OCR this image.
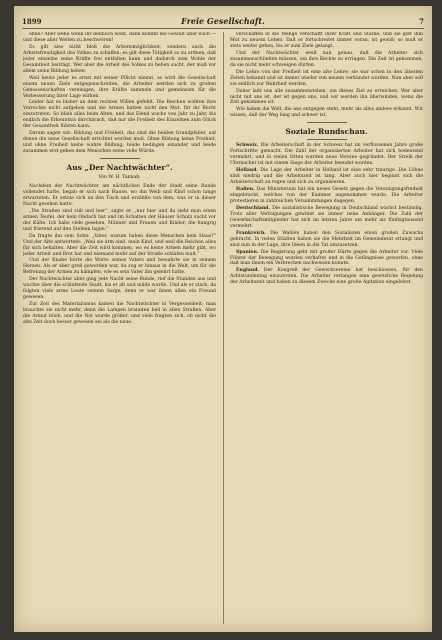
1899	Freie Gesellschaft.	7

ohne? Aber wehe wenn ihr dennoch wollt, dann kommt die Gewalt über euch — und diese aller Welten zu beschwören!

Es gilt also nicht bloß die Arbeitsmöglichkeit, sondern auch die Arbeitsfreudigkeit des Volkes zu schaffen; es gilt diese Tätigkeit so zu ordnen, daß jeder einzelne seine Kräfte frei entfalten kann und dadurch zum Wohle der Gesamtheit beiträgt. Wer aber die Arbeit des Volkes zu heben sucht, der muß vor allem seine Bildung heben.

Weil heute jeder es ernst mit seiner Pflicht nimmt, so wird die Gesellschaft einem neuen Ziele entgegenschreiten, die Arbeiter werden sich zu großen Genossenschaften vereinigen, ihre Kräfte sammeln und gemeinsam für die Verbesserung ihrer Lage wirken.

Leider hat es bisher an dem rechten Willen gefehlt. Die Reichen wollten ihre Vorrechte nicht aufgeben und die Armen hatten nicht den Mut, für ihr Recht einzutreten. So blieb alles beim Alten, und das Elend wuchs von Jahr zu Jahr, bis endlich die Erkenntnis durchbrach, daß nur die Freiheit des Einzelnen zum Glück der Gesamtheit führen kann.

Darum sagen wir: Bildung und Freiheit, das sind die beiden Grundpfeiler, auf denen die neue Gesellschaft errichtet werden muß. Ohne Bildung keine Freiheit, und ohne Freiheit keine wahre Bildung; beide bedingen einander und beide zusammen erst geben dem Menschen seine volle Würde.

Aus „Der Nachtwächter“.
Von W. H. Tannah.

Nachdem der Nachtwächter am nächtlichen Ende der Stadt seine Runde vollendet hatte, begab er sich nach Hause, wo ihn Weib und Kind schon lange erwarteten. Er setzte sich an den Tisch und erzählte von dem, was er in dieser Nacht gesehen hatte.

„Die Straßen sind still und leer“, sagte er, „nur hier und da sieht man einen armen Teufel, der kein Obdach hat und im Schatten der Häuser Schutz sucht vor der Kälte. Ich habe viele gesehen, Männer und Frauen und Kinder, die hungrig und frierend auf den Steinen lagen.“

Da fragte ihn sein Sohn: „Vater, warum haben diese Menschen kein Haus?“ Und der Alte antwortete: „Weil sie arm sind, mein Kind, und weil die Reichen alles für sich behalten. Aber die Zeit wird kommen, wo es keine Armen mehr gibt, wo jeder Arbeit und Brot hat und niemand mehr auf der Straße schlafen muß.“

Und der Knabe hörte die Worte seines Vaters und bewahrte sie in seinem Herzen. Als er aber groß geworden war, da zog er hinaus in die Welt, um für die Befreiung der Armen zu kämpfen, wie es sein Vater ihn gelehrt hatte.

Der Nachtwächter aber ging jede Nacht seine Runde, rief die Stunden aus und wachte über die schlafende Stadt, bis er alt und müde wurde. Und als er starb, da folgten viele arme Leute seinem Sarge, denn er war ihnen allen ein Freund gewesen.

Zur Zeit des Materialismus kamen die Nachtwächter in Vergessenheit; man brauchte sie nicht mehr, denn die Lampen brannten hell in allen Straßen. Aber die Armut blieb, und die Not wurde größer, und viele fragten sich, ob nicht die alte Zeit doch besser gewesen sei als die neue.

verschaffen in die Menge verschafft ihrer Kraft und Stärke; und sie gibt ihm Mut zu neuem Leben. Daß er fortschreitet immer voran, ist gewiß; so muß er stets weiter gehen, bis er zum Ziele gelangt.

Und der Nachtwächter weiß nun genau, daß die Arbeiter sich zusammenschließen müssen, um ihre Rechte zu erringen. Die Zeit ist gekommen, da sie nicht mehr schweigen dürfen.

Die Lehre von der Freiheit ist eine alte Lehre; sie war schon in den ältesten Zeiten bekannt und ist immer wieder von neuem verkündet worden. Nun aber soll sie endlich zur Wahrheit werden.

Daher laßt uns alle zusammenstehen, um dieses Ziel zu erreichen. Wer aber nicht mit uns ist, der ist gegen uns, und wir werden ihn überwinden, wenn die Zeit gekommen ist.

Wie haben die Welt, die uns entgegen steht, mehr als alles andere erkannt. Wir wissen, daß der Weg lang und schwer ist.

Soziale Rundschau.

Schweiz. Die Arbeiterschaft in der Schweiz hat im verflossenen Jahre große Fortschritte gemacht. Die Zahl der organisierten Arbeiter hat sich bedeutend vermehrt, und in vielen Orten wurden neue Vereine gegründet. Der Streik der Uhrmacher ist mit einem Siege der Arbeiter beendet worden.

Holland. Die Lage der Arbeiter in Holland ist eine sehr traurige. Die Löhne sind niedrig und die Arbeitszeit ist lang. Aber auch hier beginnt sich die Arbeiterschaft zu regen und sich zu organisieren.

Italien. Das Ministerium hat ein neues Gesetz gegen die Vereinigungsfreiheit eingebracht, welches von der Kammer angenommen wurde. Die Arbeiter protestieren in zahlreichen Versammlungen dagegen.

Deutschland. Die sozialistische Bewegung in Deutschland wächst beständig. Trotz aller Verfolgungen gewinnt sie immer neue Anhänger. Die Zahl der Gewerkschaftsmitglieder hat sich im letzten Jahre um mehr als fünfzigtausend vermehrt.

Frankreich. Die Wahlen haben den Sozialisten einen großen Zuwachs gebracht. In vielen Städten haben sie die Mehrheit im Gemeinderat erlangt und sind nun in der Lage, ihre Ideen in die Tat umzusetzen.

Spanien. Die Regierung geht mit großer Härte gegen die Arbeiter vor. Viele Führer der Bewegung wurden verhaftet und in die Gefängnisse geworfen, ohne daß man ihnen ein Verbrechen nachweisen konnte.

England. Der Kongreß der Gewerkvereine hat beschlossen, für den Achtstundentag einzutreten. Die Arbeiter verlangen eine gesetzliche Regelung der Arbeitszeit und haben zu diesem Zwecke eine große Agitation eingeleitet.
